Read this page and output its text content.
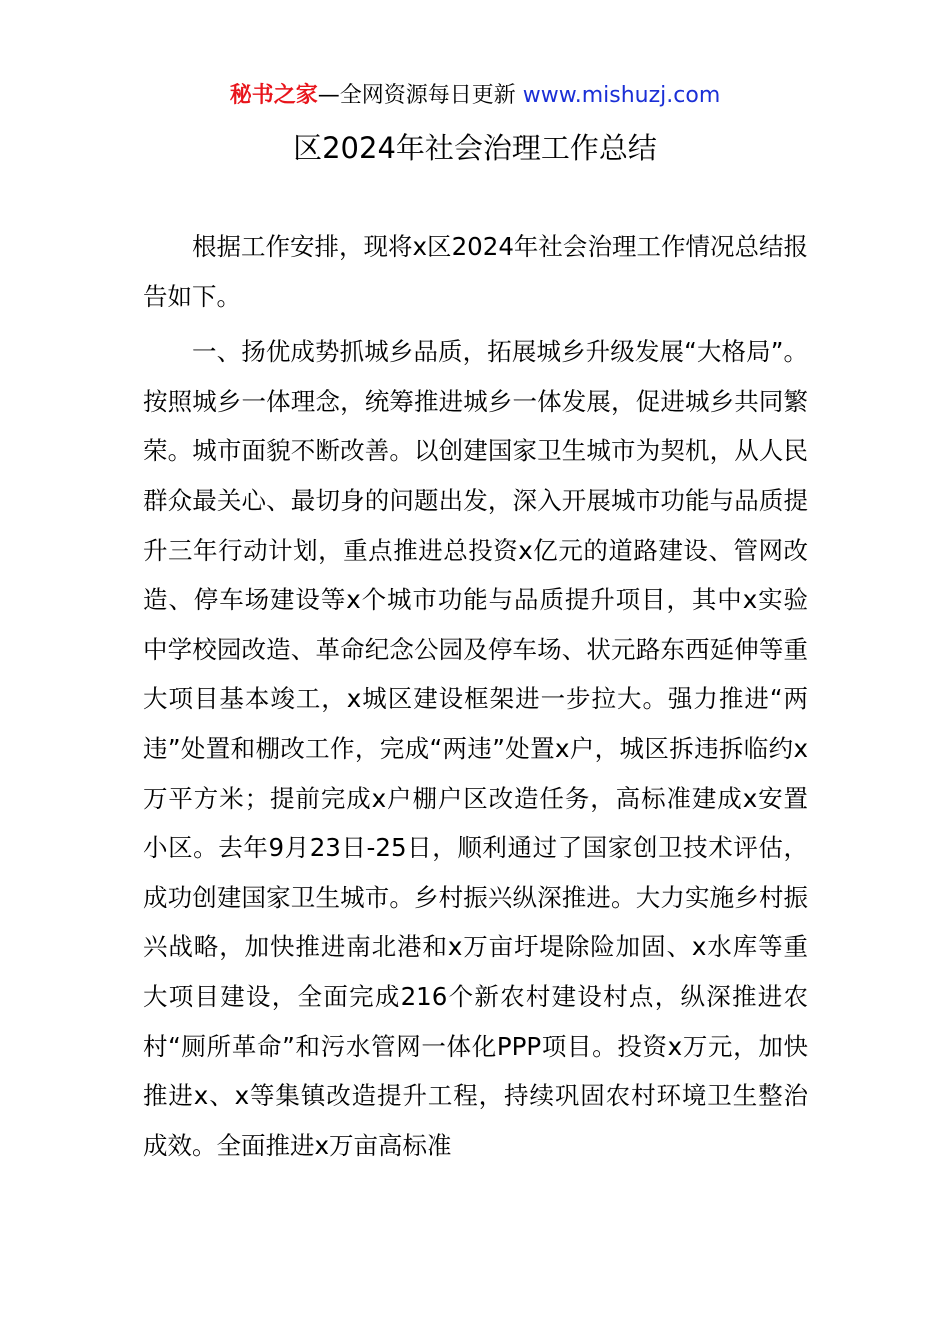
秘书之家—全网资源每日更新 www.mishuzj.com
区2024年社会治理工作总结

根据工作安排，现将x区2024年社会治理工作情况总结报告如下。

一、扬优成势抓城乡品质，拓展城乡升级发展“大格局”。按照城乡一体理念，统筹推进城乡一体发展，促进城乡共同繁荣。城市面貌不断改善。以创建国家卫生城市为契机，从人民群众最关心、最切身的问题出发，深入开展城市功能与品质提升三年行动计划，重点推进总投资x亿元的道路建设、管网改造、停车场建设等x个城市功能与品质提升项目，其中x实验中学校园改造、革命纪念公园及停车场、状元路东西延伸等重大项目基本竣工，x城区建设框架进一步拉大。强力推进“两违”处置和棚改工作，完成“两违”处置x户，城区拆违拆临约x万平方米；提前完成x户棚户区改造任务，高标准建成x安置小区。去年9月23日-25日，顺利通过了国家创卫技术评估，成功创建国家卫生城市。乡村振兴纵深推进。大力实施乡村振兴战略，加快推进南北港和x万亩圩堤除险加固、x水库等重大项目建设，全面完成216个新农村建设村点，纵深推进农村“厕所革命”和污水管网一体化PPP项目。投资x万元，加快推进x、x等集镇改造提升工程，持续巩固农村环境卫生整治成效。全面推进x万亩高标准
